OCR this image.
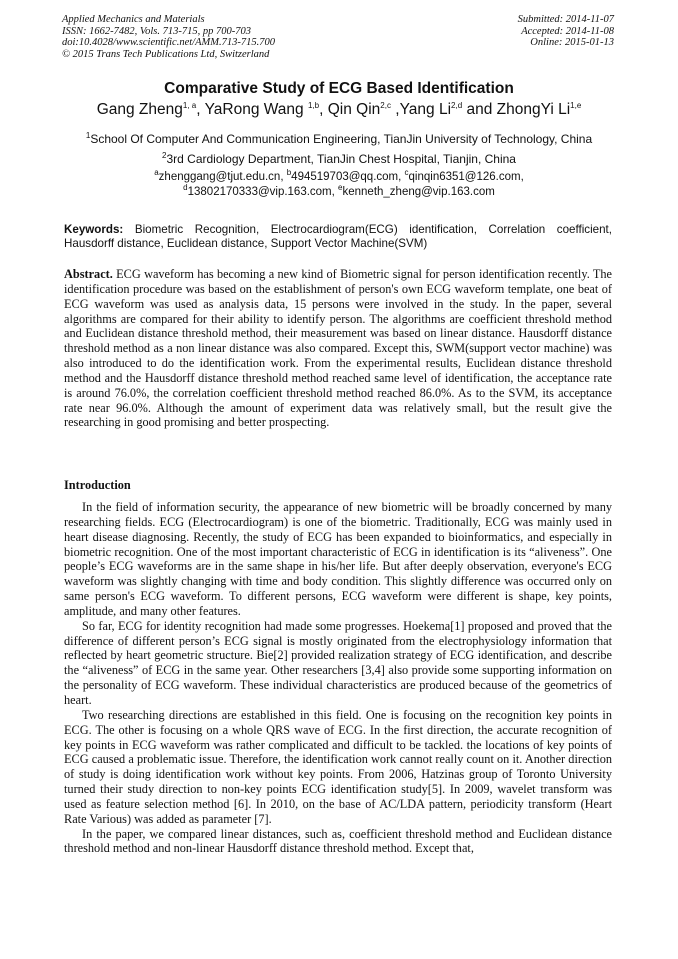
Applied Mechanics and Materials
ISSN: 1662-7482, Vols. 713-715, pp 700-703
doi:10.4028/www.scientific.net/AMM.713-715.700
© 2015 Trans Tech Publications Ltd, Switzerland
Submitted: 2014-11-07
Accepted: 2014-11-08
Online: 2015-01-13
Comparative Study of ECG Based Identification
Gang Zheng$^{1, a}$, YaRong Wang $^{1,b}$, Qin Qin$^{2,c}$ ,Yang Li$^{2,d}$ and ZhongYi Li$^{1,e}$
$^1$School Of Computer And Communication Engineering, TianJin University of Technology, China
$^2$3rd Cardiology Department, TianJin Chest Hospital, Tianjin, China
$^a$zhenggang@tjut.edu.cn, $^b$494519703@qq.com, $^c$qinqin6351@126.com,
$^d$13802170333@vip.163.com, $^e$kenneth_zheng@vip.163.com
Keywords: Biometric Recognition, Electrocardiogram(ECG) identification, Correlation coefficient, Hausdorff distance, Euclidean distance, Support Vector Machine(SVM)
Abstract. ECG waveform has becoming a new kind of Biometric signal for person identification recently. The identification procedure was based on the establishment of person's own ECG waveform template, one beat of ECG waveform was used as analysis data, 15 persons were involved in the study. In the paper, several algorithms are compared for their ability to identify person. The algorithms are coefficient threshold method and Euclidean distance threshold method, their measurement was based on linear distance. Hausdorff distance threshold method as a non linear distance was also compared. Except this, SWM(support vector machine) was also introduced to do the identification work. From the experimental results, Euclidean distance threshold method and the Hausdorff distance threshold method reached same level of identification, the acceptance rate is around 76.0%, the correlation coefficient threshold method reached 86.0%. As to the SVM, its acceptance rate near 96.0%. Although the amount of experiment data was relatively small, but the result give the researching in good promising and better prospecting.
Introduction

In the field of information security, the appearance of new biometric will be broadly concerned by many researching fields. ECG (Electrocardiogram) is one of the biometric. Traditionally, ECG was mainly used in heart disease diagnosing. Recently, the study of ECG has been expanded to bioinformatics, and especially in biometric recognition. One of the most important characteristic of ECG in identification is its “aliveness”. One people’s ECG waveforms are in the same shape in his/her life. But after deeply observation, everyone's ECG waveform was slightly changing with time and body condition. This slightly difference was occurred only on same person's ECG waveform. To different persons, ECG waveform were different is shape, key points, amplitude, and many other features.

So far, ECG for identity recognition had made some progresses. Hoekema[1] proposed and proved that the difference of different person’s ECG signal is mostly originated from the electrophysiology information that reflected by heart geometric structure. Bie[2] provided realization strategy of ECG identification, and describe the “aliveness” of ECG in the same year. Other researchers [3,4] also provide some supporting information on the personality of ECG waveform. These individual characteristics are produced because of the geometrics of heart.

Two researching directions are established in this field. One is focusing on the recognition key points in ECG. The other is focusing on a whole QRS wave of ECG. In the first direction, the accurate recognition of key points in ECG waveform was rather complicated and difficult to be tackled. the locations of key points of ECG caused a problematic issue. Therefore, the identification work cannot really count on it. Another direction of study is doing identification work without key points. From 2006, Hatzinas group of Toronto University turned their study direction to non-key points ECG identification study[5]. In 2009, wavelet transform was used as feature selection method [6]. In 2010, on the base of AC/LDA pattern, periodicity transform (Heart Rate Various) was added as parameter [7].

In the paper, we compared linear distances, such as, coefficient threshold method and Euclidean distance threshold method and non-linear Hausdorff distance threshold method. Except that,
